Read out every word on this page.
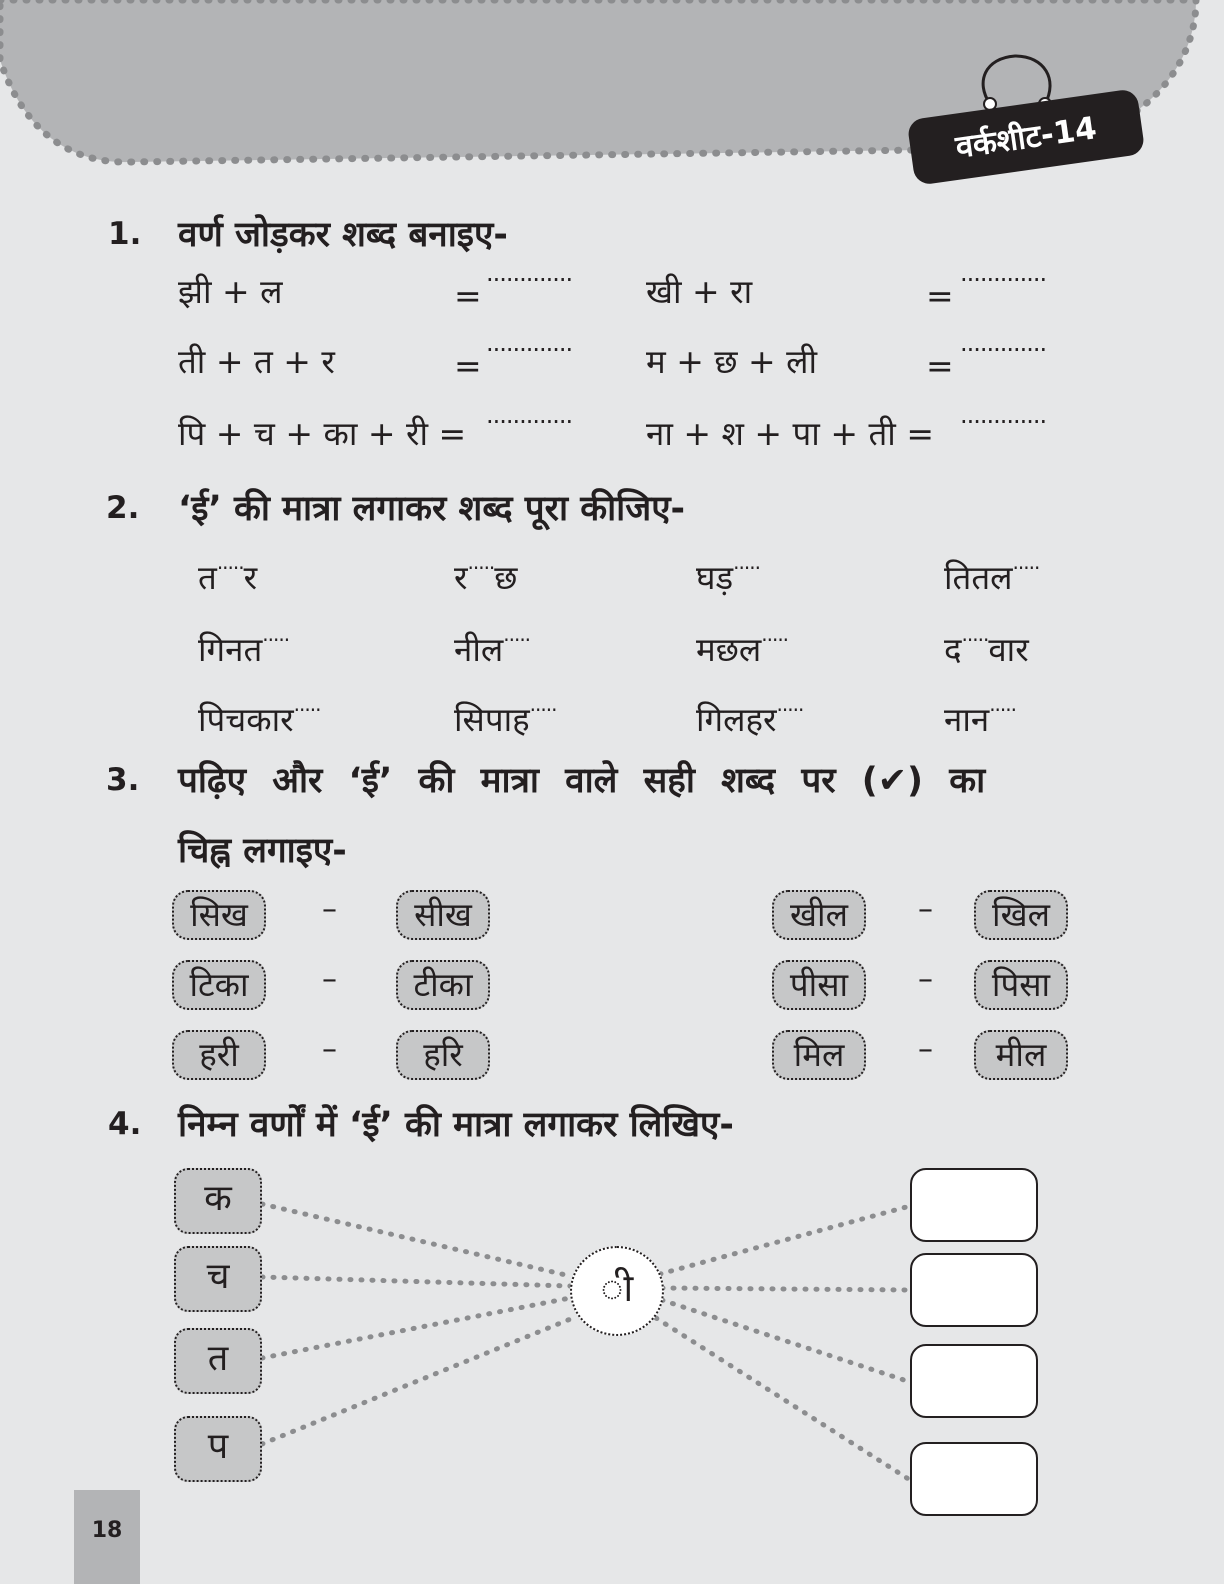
वर्कशीट-14
1. वर्ण जोड़कर शब्द बनाइए-
झी + ल	= ············· खी + रा	= ·············
ती + त + र	= ············· म + छ + ली	= ·············
पि + च + का + री = ············· ना + श + पा + ती = ·············
2. ‘ई’ की मात्रा लगाकर शब्द पूरा कीजिए-
त·····र	र·····छ	घड़·····	तितल·····
गिनत·····	नील·····	मछल·····	द·····वार
पिचकार·····	सिपाह·····	गिलहर·····	नान·····
3. पढ़िए और ‘ई’ की मात्रा वाले सही शब्द पर (✔) का
चिह्न लगाइए-
सिख	–	सीख	खील	–	खिल
टिका	–	टीका	पीसा	–	पिसा
हरी	–	हरि	मिल	–	मील
4. निम्न वर्णों में ‘ई’ की मात्रा लगाकर लिखिए-
क
च
त
प
ी
18
